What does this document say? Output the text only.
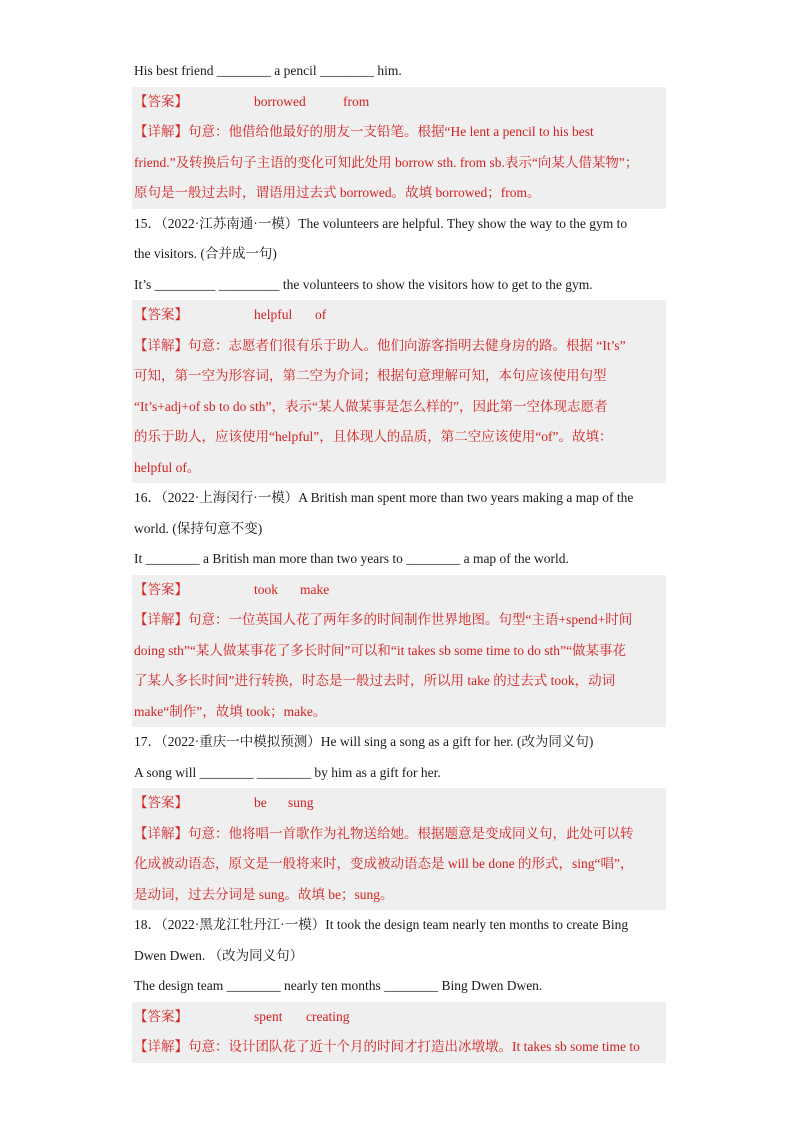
His best friend ________ a pencil ________ him.
【答案】	borrowed	from
【详解】句意：他借给他最好的朋友一支铅笔。根据“He lent a pencil to his best
friend.”及转换后句子主语的变化可知此处用 borrow sth. from sb.表示“向某人借某物”；
原句是一般过去时，谓语用过去式 borrowed。故填 borrowed；from。
15．（2022·江苏南通·一模）The volunteers are helpful. They show the way to the gym to
the visitors. (合并成一句)
It’s _________ _________ the volunteers to show the visitors how to get to the gym.
【答案】	helpful of
【详解】句意：志愿者们很有乐于助人。他们向游客指明去健身房的路。根据 “It’s”
可知，第一空为形容词，第二空为介词；根据句意理解可知，本句应该使用句型
“It’s+adj+of sb to do sth”，表示“某人做某事是怎么样的”，因此第一空体现志愿者
的乐于助人，应该使用“helpful”，且体现人的品质，第二空应该使用“of”。故填：
helpful of。
16．（2022·上海闵行·一模）A British man spent more than two years making a map of the
world. (保持句意不变)
It ________ a British man more than two years to ________ a map of the world.
【答案】	took make
【详解】句意：一位英国人花了两年多的时间制作世界地图。句型“主语+spend+时间
doing sth”“某人做某事花了多长时间”可以和“it takes sb some time to do sth”“做某事花
了某人多长时间”进行转换，时态是一般过去时，所以用 take 的过去式 took，动词
make“制作”，故填 took；make。
17．（2022·重庆一中模拟预测）He will sing a song as a gift for her. (改为同义句)
A song will ________ ________ by him as a gift for her.
【答案】	be sung
【详解】句意：他将唱一首歌作为礼物送给她。根据题意是变成同义句，此处可以转
化成被动语态，原文是一般将来时，变成被动语态是 will be done 的形式，sing“唱”，
是动词，过去分词是 sung。故填 be；sung。
18．（2022·黑龙江牡丹江·一模）It took the design team nearly ten months to create Bing
Dwen Dwen. （改为同义句）
The design team ________ nearly ten months ________ Bing Dwen Dwen.
【答案】	spent creating
【详解】句意：设计团队花了近十个月的时间才打造出冰墩墩。It takes sb some time to
